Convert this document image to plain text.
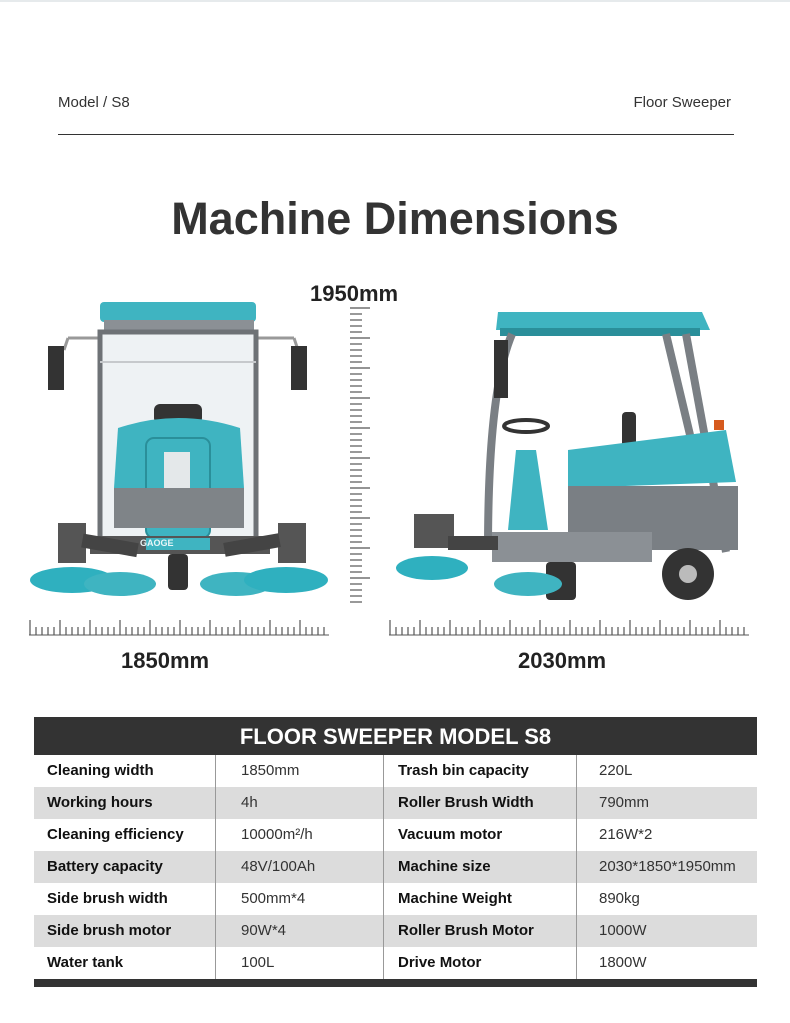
Model / S8	Floor Sweeper
Machine Dimensions
1950mm
GAOGE
1850mm	2030mm
FLOOR SWEEPER MODEL S8
Cleaning width	1850mm	Trash bin capacity	220L
Working hours	4h	Roller Brush Width	790mm
Cleaning efficiency	10000m²/h	Vacuum motor	216W*2
Battery capacity	48V/100Ah	Machine size	2030*1850*1950mm
Side brush width	500mm*4	Machine Weight	890kg
Side brush motor	90W*4	Roller Brush Motor	1000W
Water tank	100L	Drive Motor	1800W
